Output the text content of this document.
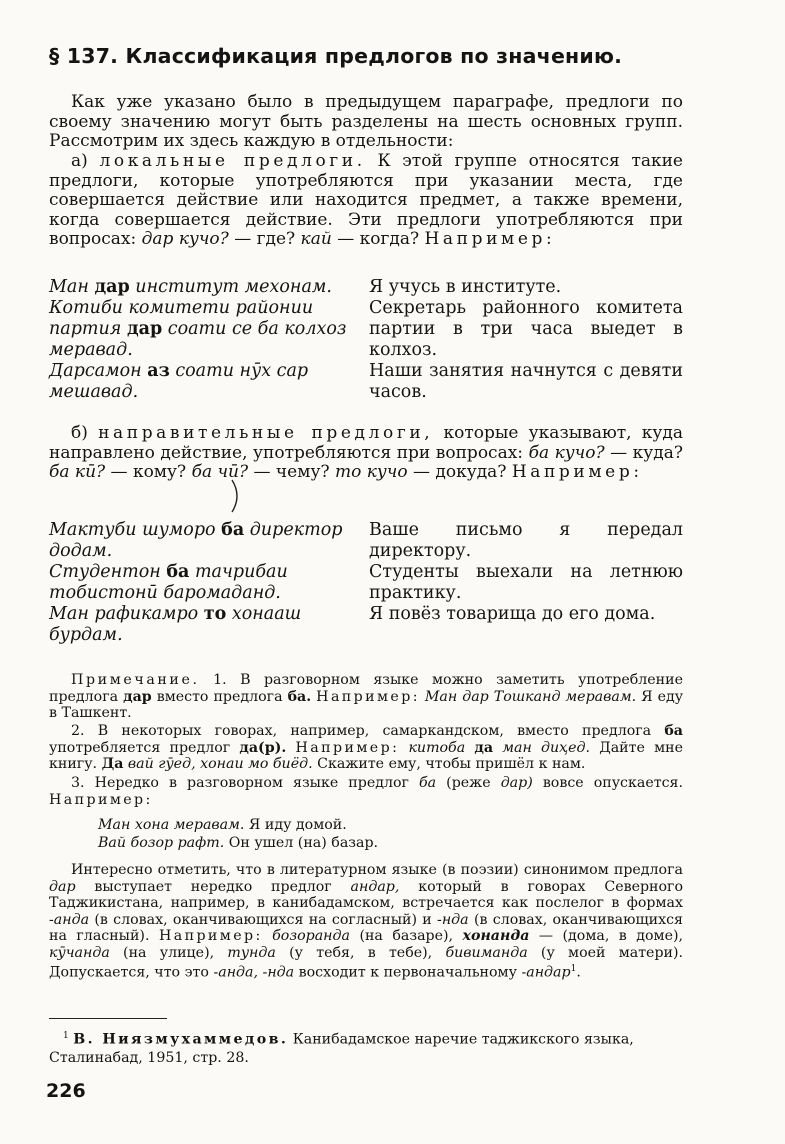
§ 137. Классификация предлогов по значению.
Как уже указано было в предыдущем параграфе, предлоги по своему значению могут быть разделены на шесть основных групп. Рассмотрим их здесь каждую в отдельности:
а) локальные предлоги. К этой группе относятся такие предлоги, которые употребляются при указании места, где совершается действие или находится предмет, а также времени, когда совершается действие. Эти предлоги употребляются при вопросах: дар кучо? — где? кай — когда? Например:
Ман дар институт мехонам.	Я учусь в институте.
Котиби комитети районии партия дар соати се ба колхоз меравад.
Секретарь районного комитета партии в три часа выедет в колхоз.
Дарсамон аз соати нӯх сар мешавад.
Наши занятия начнутся с девяти часов.
б) направительные предлоги, которые указывают, куда направлено действие, употребляются при вопросах: ба кучо? — куда? ба кӣ? — кому? ба чӣ? — чему? то кучо — докуда? Например:
Мактуби шуморо ба директор додам.
Ваше письмо я передал директору.
Студентон ба тачрибаи тобистонӣ баромаданд.
Студенты выехали на летнюю практику.
Ман рафикамро то хонааш бурдам.
Я повёз товарища до его дома.
Примечание. 1. В разговорном языке можно заметить употребление предлога дар вместо предлога ба. Например: Ман дар Тошканд меравам. Я еду в Ташкент.
2. В некоторых говорах, например, самаркандском, вместо предлога ба употребляется предлог да(р). Например: китоба да ман диҳед. Дайте мне книгу. Да вай гӯед, хонаи мо биёд. Скажите ему, чтобы пришёл к нам.
3. Нередко в разговорном языке предлог ба (реже дар) вовсе опускается. Например:
Ман хона меравам. Я иду домой.
Вай бозор рафт. Он ушел (на) базар.
Интересно отметить, что в литературном языке (в поэзии) синонимом предлога дар выступает нередко предлог андар, который в говорах Северного Таджикистана, например, в канибадамском, встречается как послелог в формах -анда (в словах, оканчивающихся на согласный) и -нда (в словах, оканчивающихся на гласный). Например: бозоранда (на базаре), хонанда — (дома, в доме), кӯчанда (на улице), тунда (у тебя, в тебе), бивиманда (у моей матери). Допускается, что это -анда, -нда восходит к первоначальному -андар$^1$.
$^1$ В. Ниязмухаммедов. Канибадамское наречие таджикского языка, Сталинабад, 1951, стр. 28.
226
